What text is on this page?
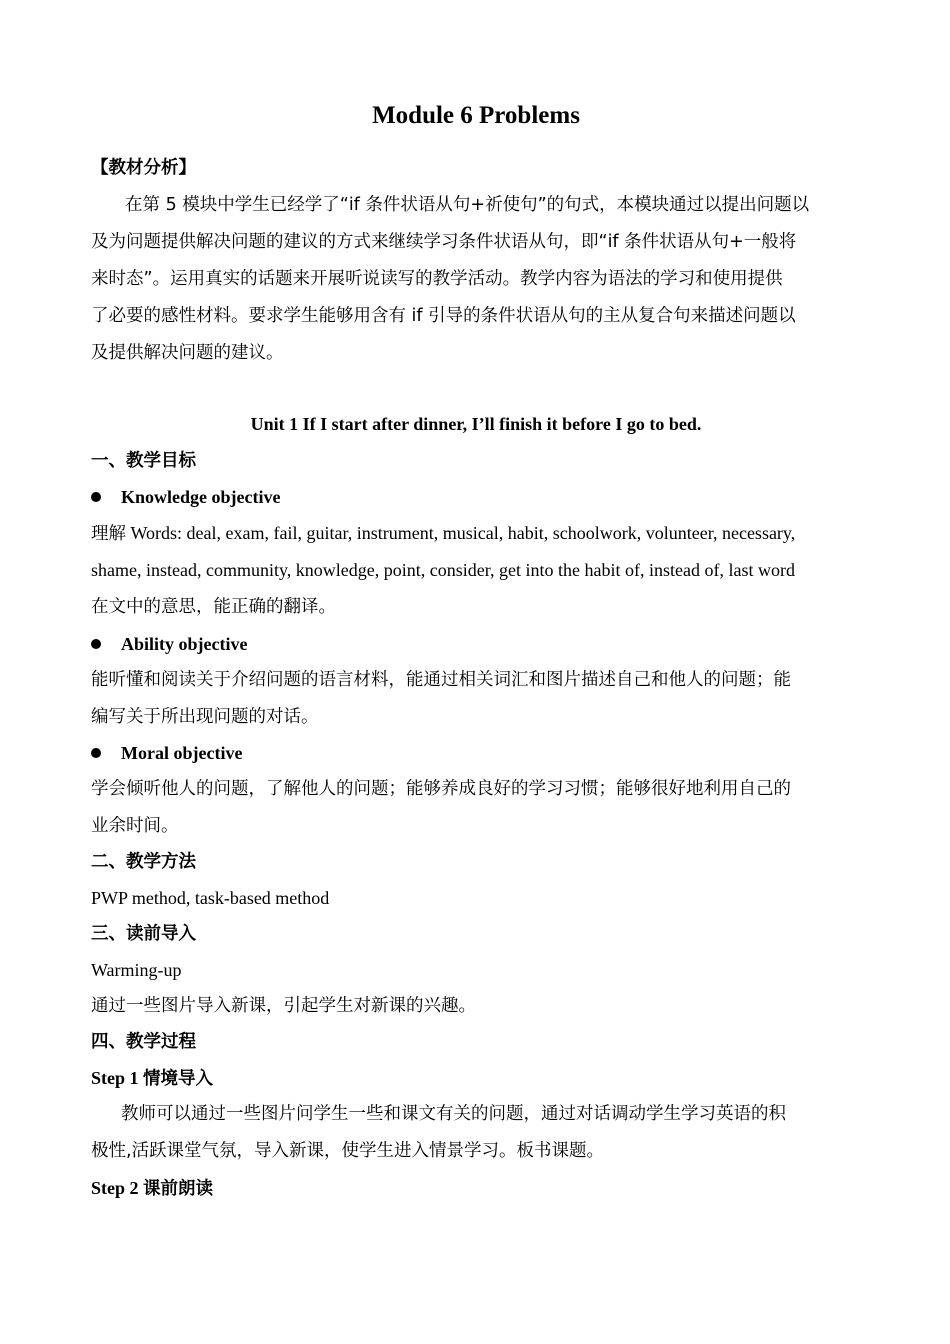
Module 6 Problems
【教材分析】
在第 5 模块中学生已经学了“if 条件状语从句+祈使句”的句式，本模块通过以提出问题以
及为问题提供解决问题的建议的方式来继续学习条件状语从句，即“if 条件状语从句+一般将
来时态”。运用真实的话题来开展听说读写的教学活动。教学内容为语法的学习和使用提供
了必要的感性材料。要求学生能够用含有 if 引导的条件状语从句的主从复合句来描述问题以
及提供解决问题的建议。
Unit 1 If I start after dinner, I’ll finish it before I go to bed.
一、教学目标
Knowledge objective
理解 Words: deal, exam, fail, guitar, instrument, musical, habit, schoolwork, volunteer, necessary,
shame, instead, community, knowledge, point, consider, get into the habit of, instead of, last word
在文中的意思，能正确的翻译。
Ability objective
能听懂和阅读关于介绍问题的语言材料，能通过相关词汇和图片描述自己和他人的问题；能
编写关于所出现问题的对话。
Moral objective
学会倾听他人的问题，了解他人的问题；能够养成良好的学习习惯；能够很好地利用自己的
业余时间。
二、教学方法
PWP method, task-based method
三、读前导入
Warming-up
通过一些图片导入新课，引起学生对新课的兴趣。
四、教学过程
Step 1 情境导入
教师可以通过一些图片问学生一些和课文有关的问题，通过对话调动学生学习英语的积
极性,活跃课堂气氛，导入新课，使学生进入情景学习。板书课题。
Step 2 课前朗读
